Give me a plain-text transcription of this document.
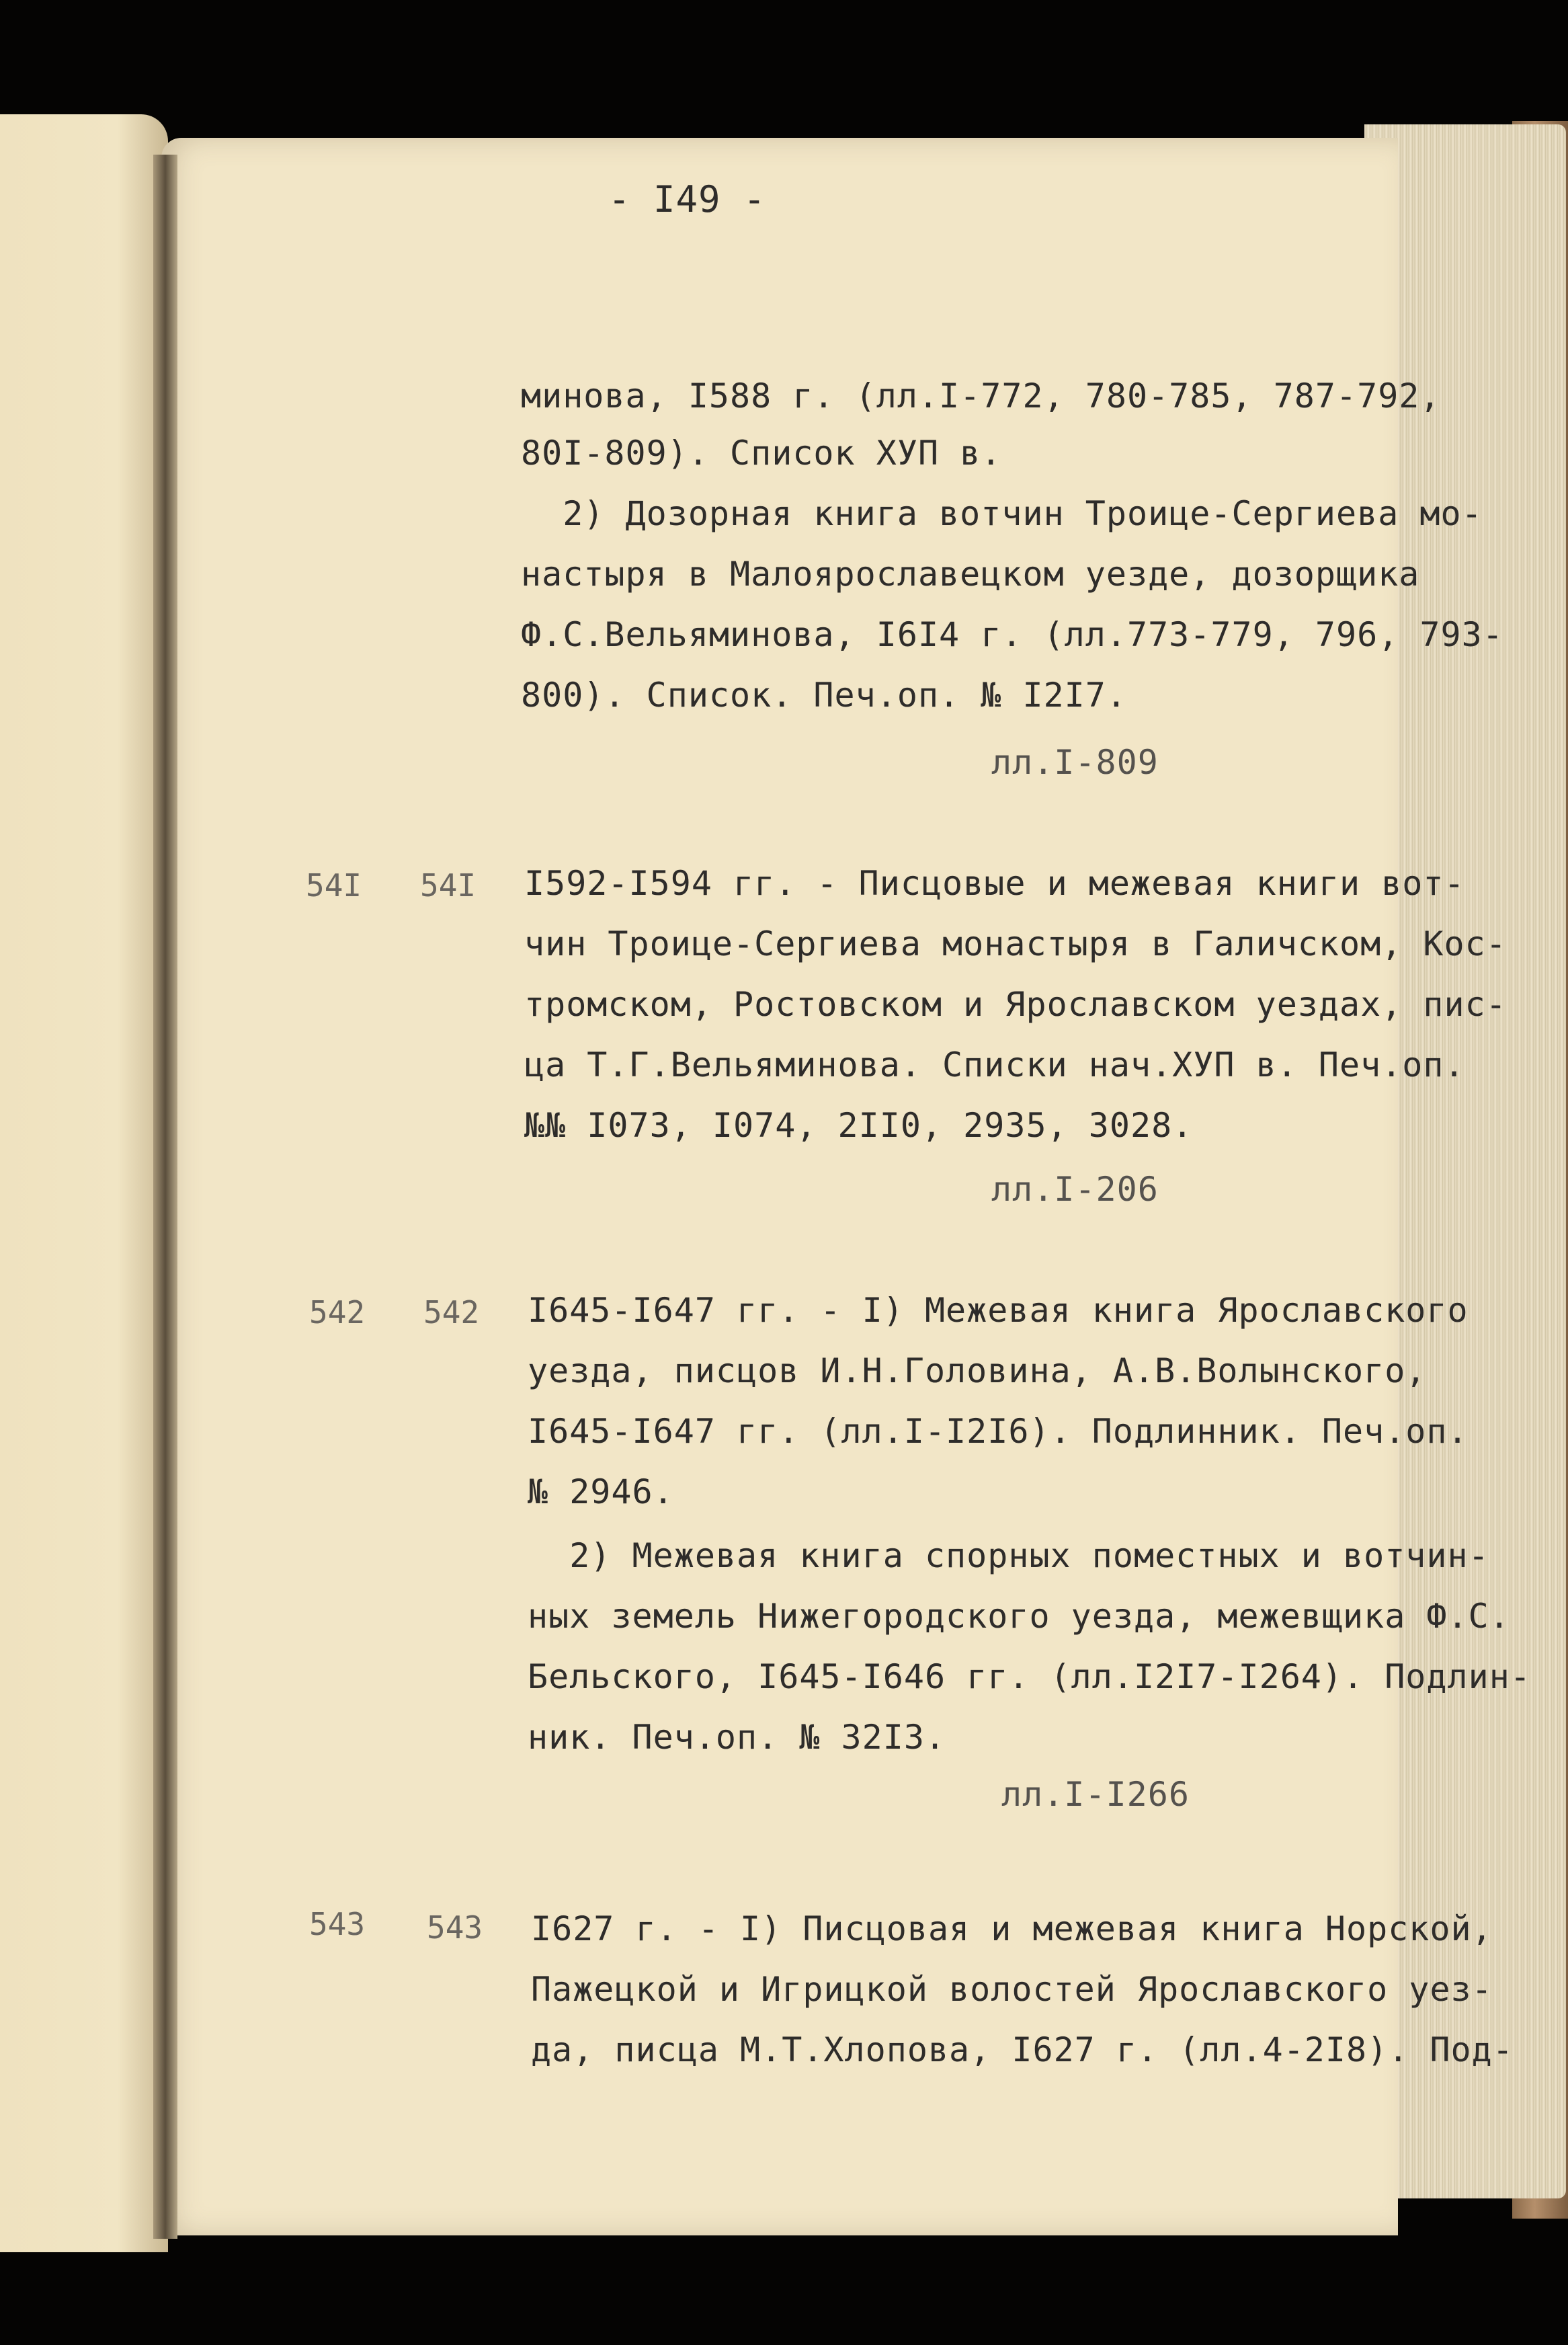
- I49 -

минова, I588 г. (лл.I-772, 780-785, 787-792,

80I-809). Список ХУП в.

2) Дозорная книга вотчин Троице-Сергиева мо-

настыря в Малоярославецком уезде, дозорщика

Ф.С.Вельяминова, I6I4 г. (лл.773-779, 796, 793-

800). Список. Печ.оп. № I2I7.

лл.I-809

54I 54I I592-I594 гг. - Писцовые и межевая книги вот-

чин Троице-Сергиева монастыря в Галичском, Кос-

тромском, Ростовском и Ярославском уездах, пис-

ца Т.Г.Вельяминова. Списки нач.ХУП в. Печ.оп.

№№ I073, I074, 2II0, 2935, 3028.

лл.I-206

542 542 I645-I647 гг. - I) Межевая книга Ярославского

уезда, писцов И.Н.Головина, А.В.Волынского,

I645-I647 гг. (лл.I-I2I6). Подлинник. Печ.оп.

№ 2946.

2) Межевая книга спорных поместных и вотчин-

ных земель Нижегородского уезда, межевщика Ф.С.

Бельского, I645-I646 гг. (лл.I2I7-I264). Подлин-

ник. Печ.оп. № 32I3.

лл.I-I266

543 543 I627 г. - I) Писцовая и межевая книга Норской,

Пажецкой и Игрицкой волостей Ярославского уез-

да, писца М.Т.Хлопова, I627 г. (лл.4-2I8). Под-
